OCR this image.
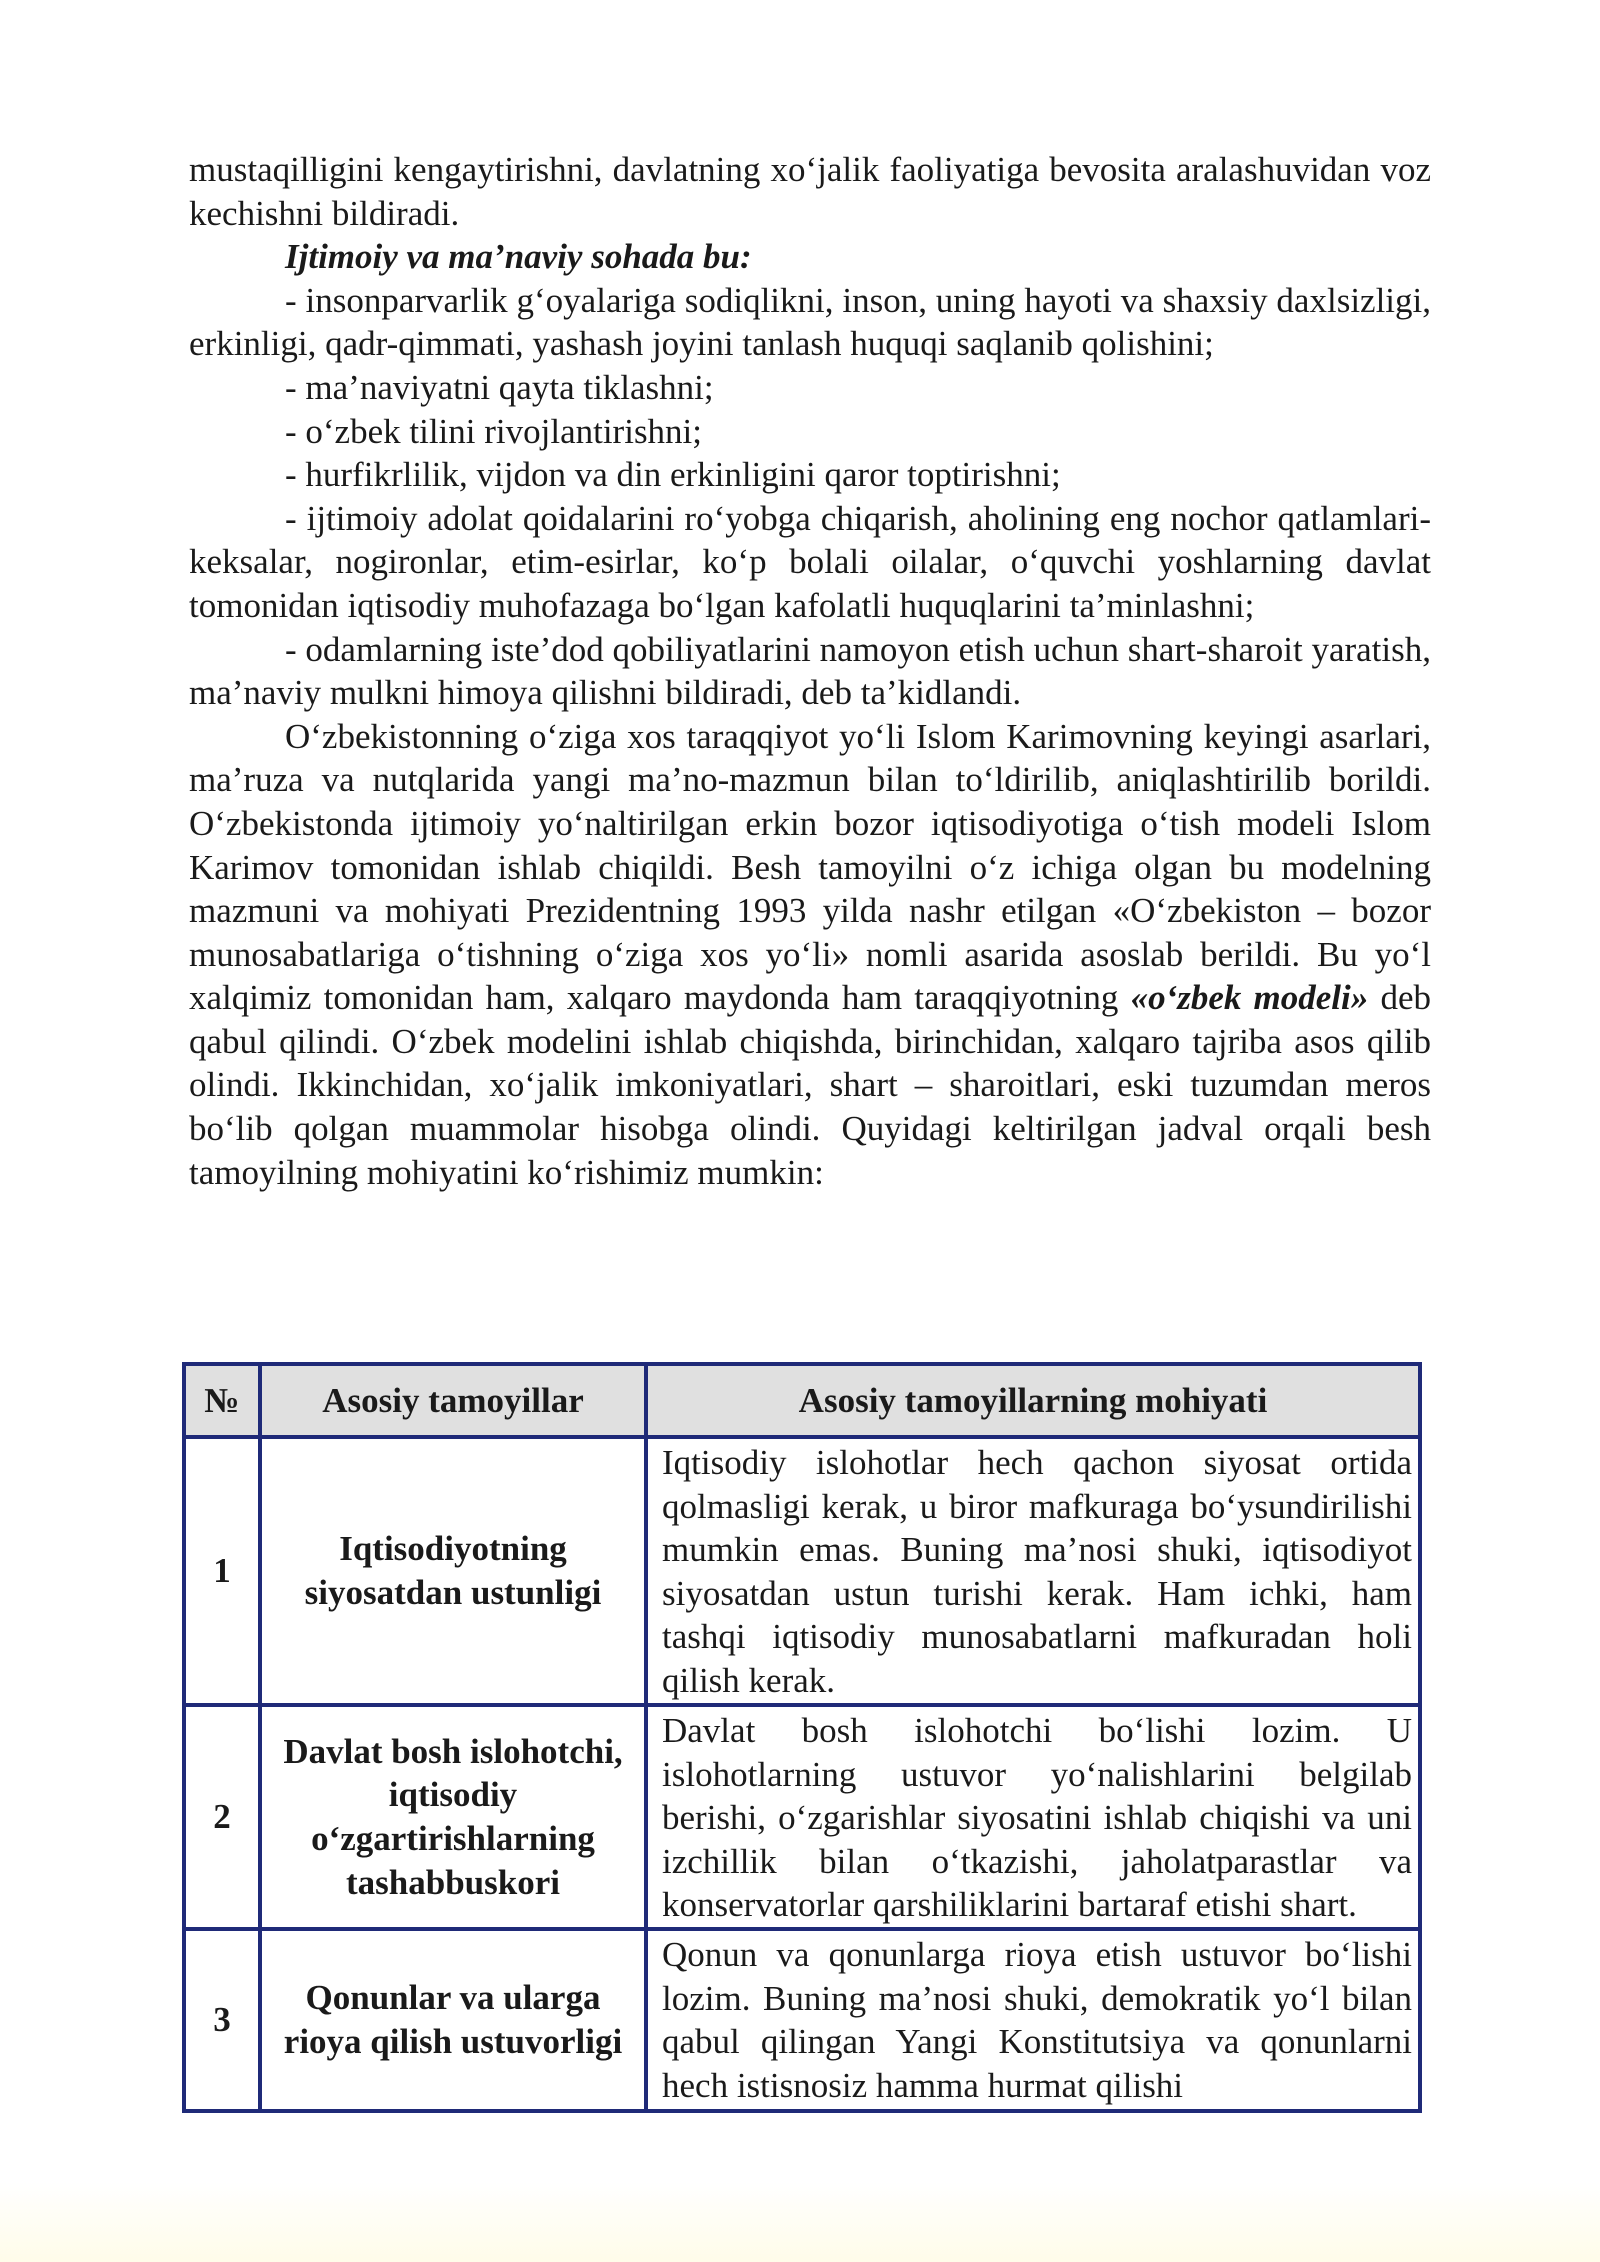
mustaqilligini kengaytirishni, davlatning xo‘jalik faoliyatiga bevosita aralashuvidan voz kechishni bildiradi.

Ijtimoiy va ma’naviy sohada bu:

- insonparvarlik g‘oyalariga sodiqlikni, inson, uning hayoti va shaxsiy daxlsizligi, erkinligi, qadr-qimmati, yashash joyini tanlash huquqi saqlanib qolishini;

- ma’naviyatni qayta tiklashni;

- o‘zbek tilini rivojlantirishni;

- hurfikrlilik, vijdon va din erkinligini qaror toptirishni;

- ijtimoiy adolat qoidalarini ro‘yobga chiqarish, aholining eng nochor qatlamlari-keksalar, nogironlar, etim-esirlar, ko‘p bolali oilalar, o‘quvchi yoshlarning davlat tomonidan iqtisodiy muhofazaga bo‘lgan kafolatli huquqlarini ta’minlashni;

- odamlarning iste’dod qobiliyatlarini namoyon etish uchun shart-sharoit yaratish, ma’naviy mulkni himoya qilishni bildiradi, deb ta’kidlandi.

O‘zbekistonning o‘ziga xos taraqqiyot yo‘li Islom Karimovning keyingi asarlari, ma’ruza va nutqlarida yangi ma’no-mazmun bilan to‘ldirilib, aniqlashtirilib borildi. O‘zbekistonda ijtimoiy yo‘naltirilgan erkin bozor iqtisodiyotiga o‘tish modeli Islom Karimov tomonidan ishlab chiqildi. Besh tamoyilni o‘z ichiga olgan bu modelning mazmuni va mohiyati Prezidentning 1993 yilda nashr etilgan «O‘zbekiston – bozor munosabatlariga o‘tishning o‘ziga xos yo‘li» nomli asarida asoslab berildi. Bu yo‘l xalqimiz tomonidan ham, xalqaro maydonda ham taraqqiyotning «o‘zbek modeli» deb qabul qilindi. O‘zbek modelini ishlab chiqishda, birinchidan, xalqaro tajriba asos qilib olindi. Ikkinchidan, xo‘jalik imkoniyatlari, shart – sharoitlari, eski tuzumdan meros bo‘lib qolgan muammolar hisobga olindi. Quyidagi keltirilgan jadval orqali besh tamoyilning mohiyatini ko‘rishimiz mumkin:

№	Asosiy tamoyillar	Asosiy tamoyillarning mohiyati
1	Iqtisodiyotning siyosatdan ustunligi	Iqtisodiy islohotlar hech qachon siyosat ortida qolmasligi kerak, u biror mafkuraga bo‘ysundirilishi mumkin emas. Buning ma’nosi shuki, iqtisodiyot siyosatdan ustun turishi kerak. Ham ichki, ham tashqi iqtisodiy munosabatlarni mafkuradan holi qilish kerak.
2	Davlat bosh islohotchi, iqtisodiy o‘zgartirishlarning tashabbuskori	Davlat bosh islohotchi bo‘lishi lozim. U islohotlarning ustuvor yo‘nalishlarini belgilab berishi, o‘zgarishlar siyosatini ishlab chiqishi va uni izchillik bilan o‘tkazishi, jaholatparastlar va konservatorlar qarshiliklarini bartaraf etishi shart.
3	Qonunlar va ularga rioya qilish ustuvorligi	Qonun va qonunlarga rioya etish ustuvor bo‘lishi lozim. Buning ma’nosi shuki, demokratik yo‘l bilan qabul qilingan Yangi Konstitutsiya va qonunlarni hech istisnosiz hamma hurmat qilishi
